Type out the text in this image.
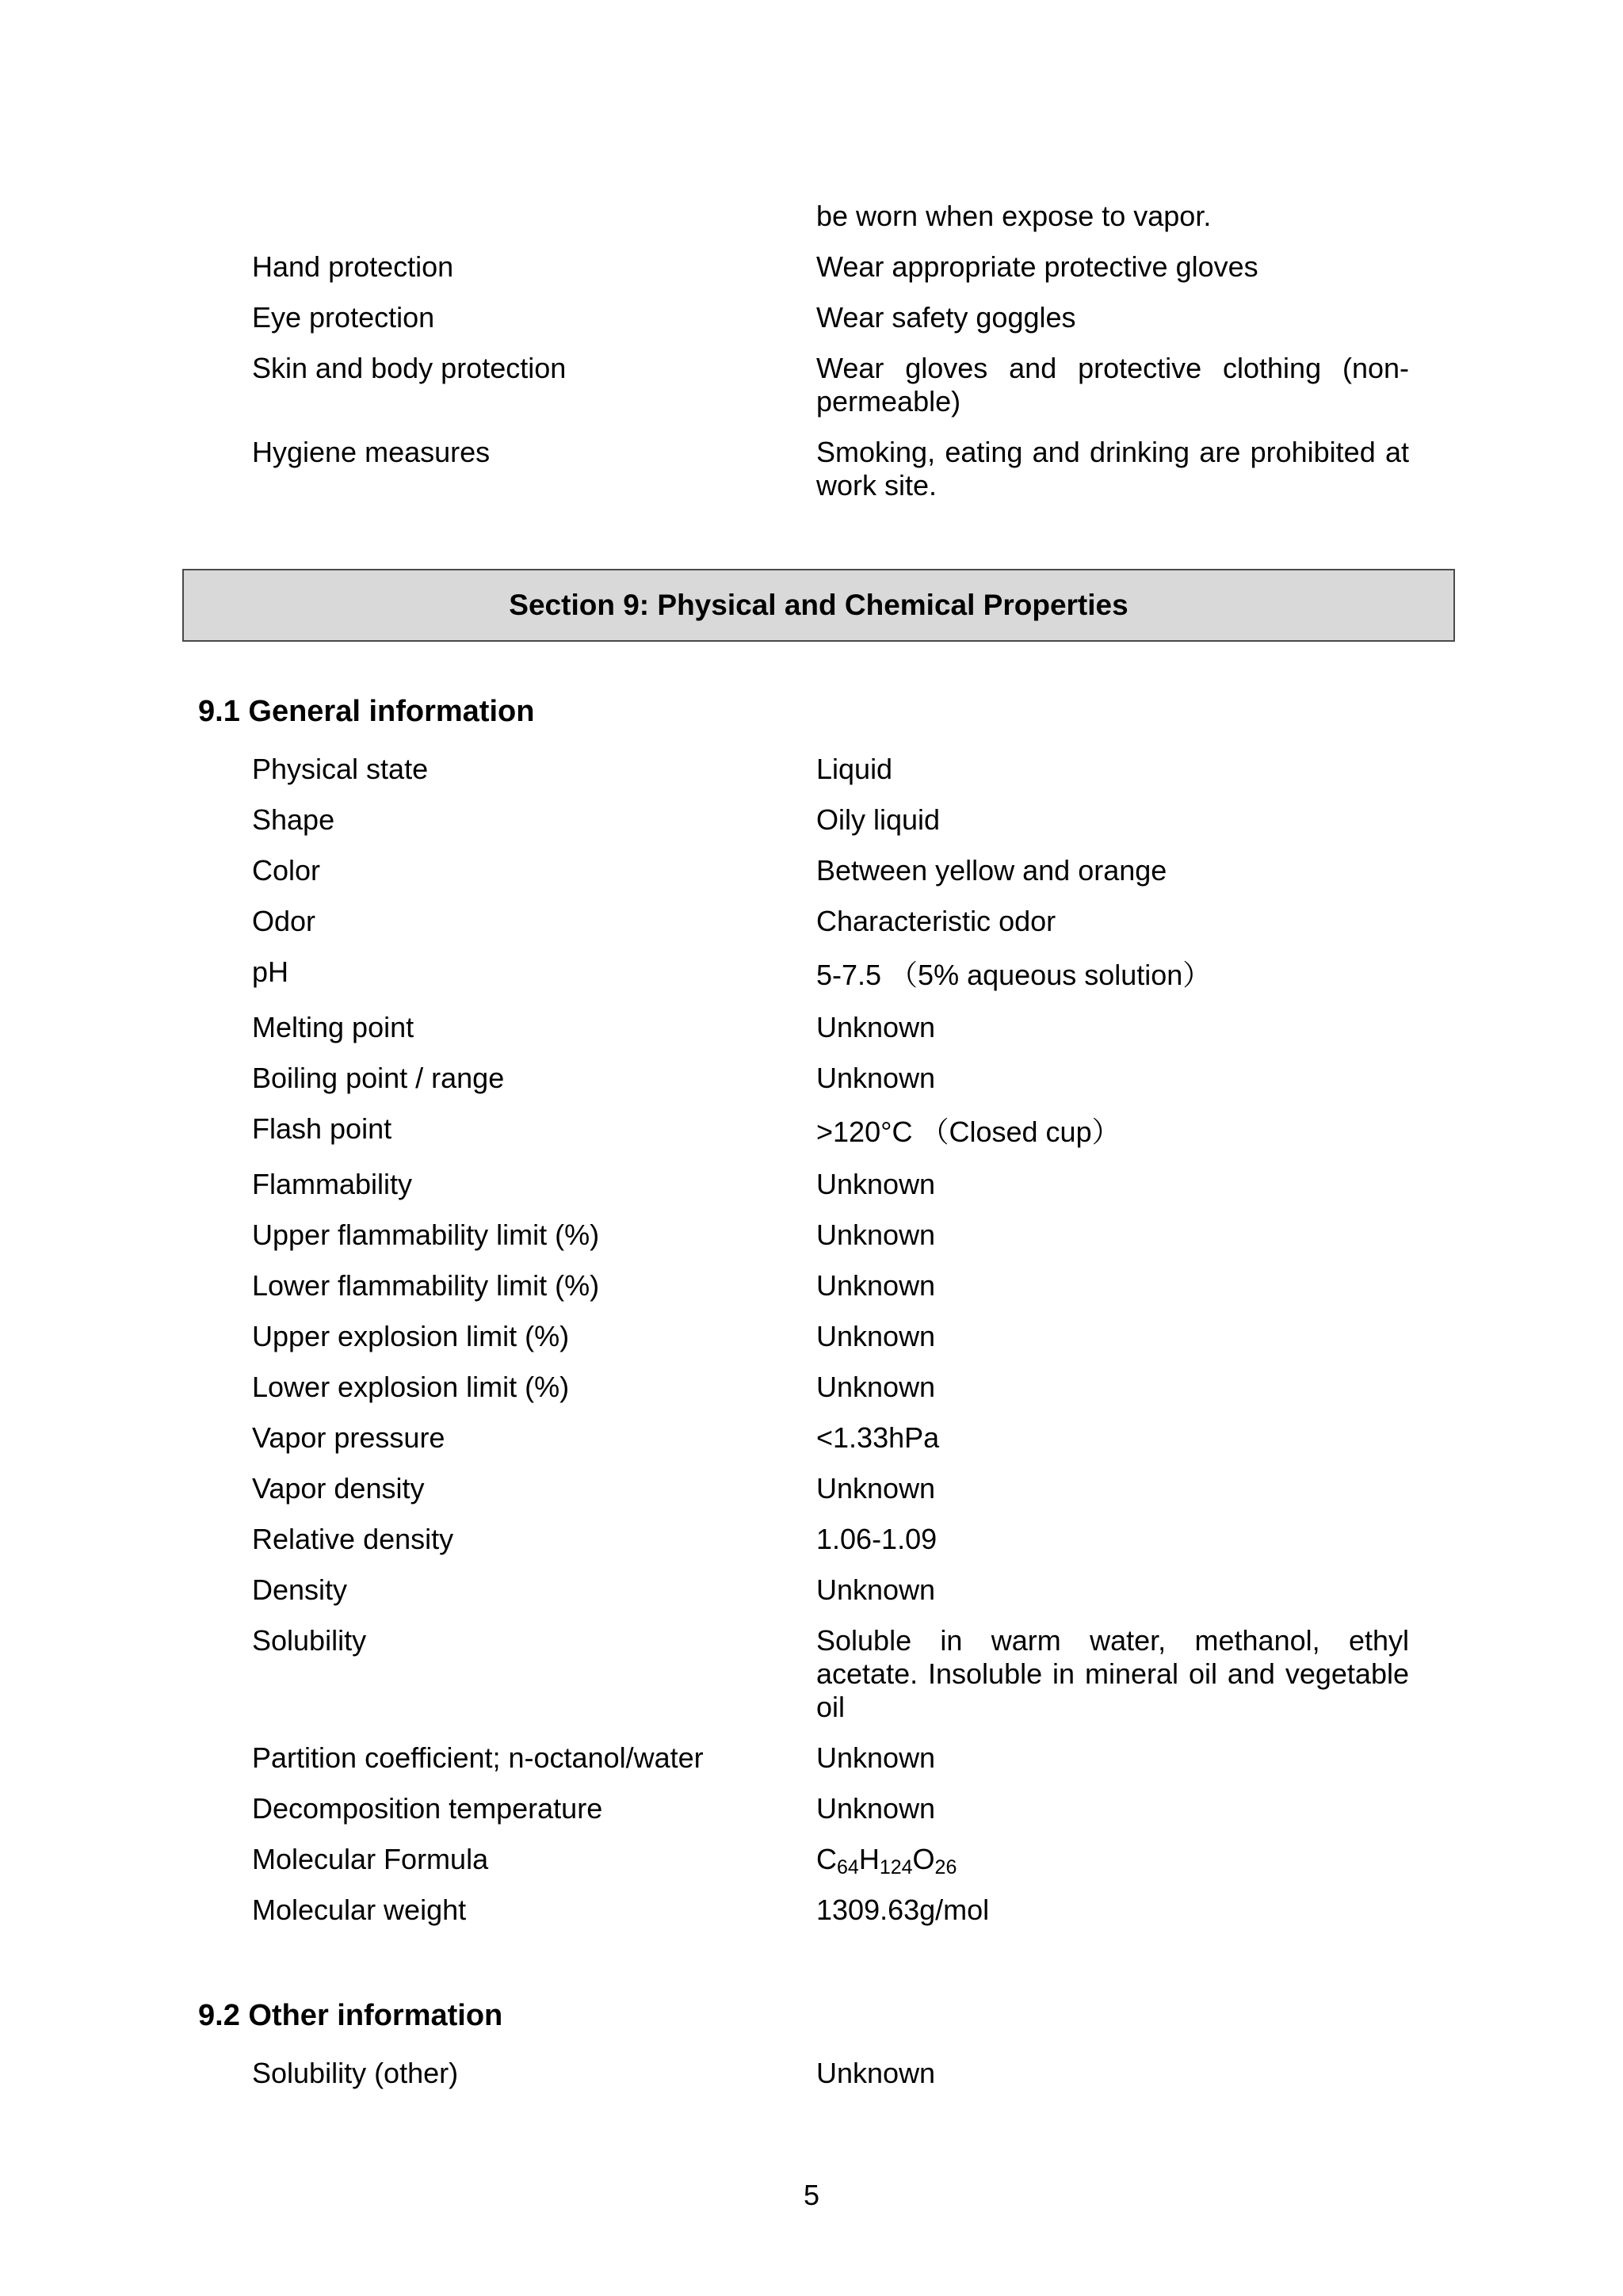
be worn when expose to vapor.
Hand protection	Wear appropriate protective gloves
Eye protection	Wear safety goggles
Skin and body protection	Wear gloves and protective clothing (non-permeable)
Hygiene measures	Smoking, eating and drinking are prohibited at work site.
Section 9: Physical and Chemical Properties
9.1 General information
Physical state	Liquid
Shape	Oily liquid
Color	Between yellow and orange
Odor	Characteristic odor
pH	5-7.5 （5% aqueous solution）
Melting point	Unknown
Boiling point / range	Unknown
Flash point	>120°C （Closed cup）
Flammability	Unknown
Upper flammability limit (%)	Unknown
Lower flammability limit (%)	Unknown
Upper explosion limit (%)	Unknown
Lower explosion limit (%)	Unknown
Vapor pressure	<1.33hPa
Vapor density	Unknown
Relative density	1.06-1.09
Density	Unknown
Solubility	Soluble in warm water, methanol, ethyl acetate. Insoluble in mineral oil and vegetable oil
Partition coefficient; n-octanol/water	Unknown
Decomposition temperature	Unknown
Molecular Formula	$C_{64}H_{124}O_{26}$
Molecular weight	1309.63g/mol
9.2 Other information
Solubility (other)	Unknown
5
